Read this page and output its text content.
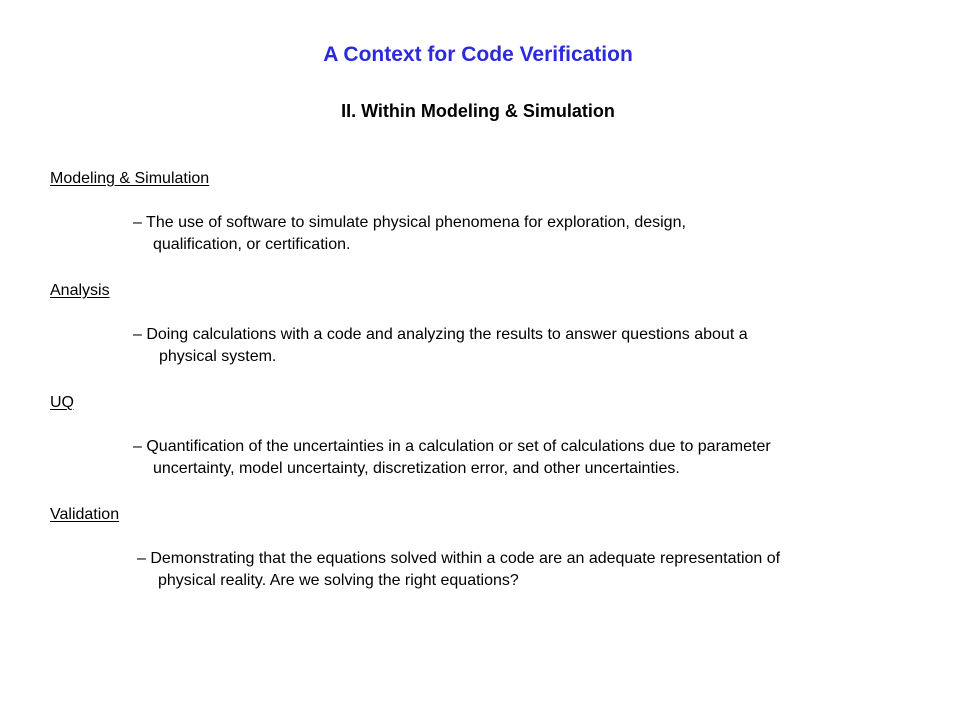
A Context for Code Verification
II. Within Modeling & Simulation
Modeling & Simulation
– The use of software to simulate physical phenomena for exploration, design,
qualification, or certification.
Analysis
– Doing calculations with a code and analyzing the results to answer questions about a
physical system.
UQ
– Quantification of the uncertainties in a calculation or set of calculations due to parameter
uncertainty, model uncertainty, discretization error, and other uncertainties.
Validation
– Demonstrating that the equations solved within a code are an adequate representation of
physical reality. Are we solving the right equations?
